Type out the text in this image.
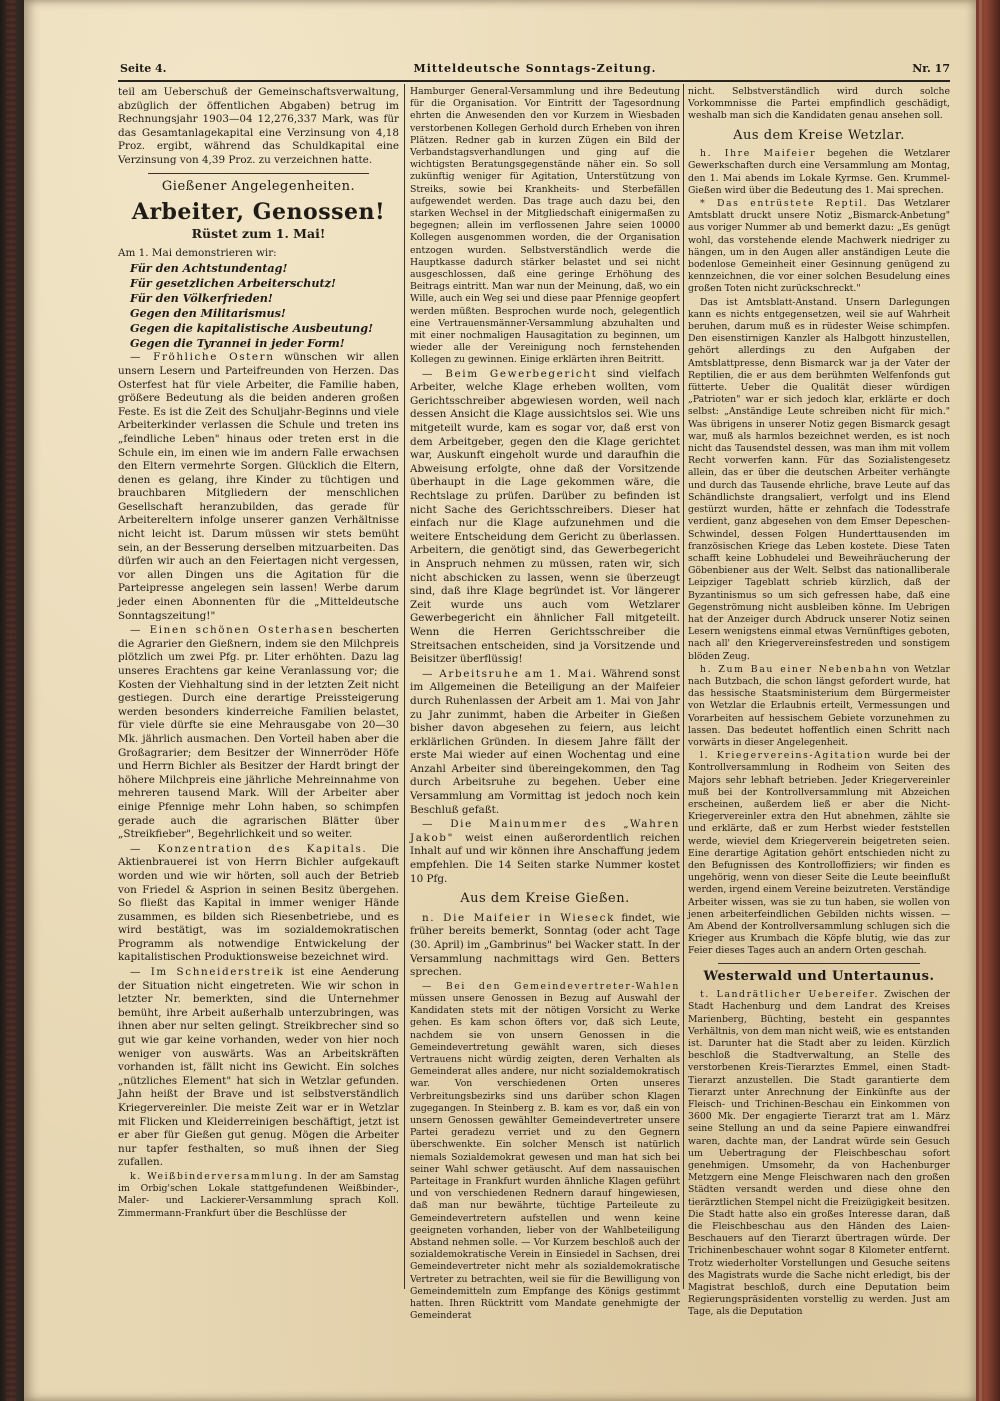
Seite 4.	Mitteldeutsche Sonntags-Zeitung.	Nr. 17

teil am Ueberschuß der Gemeinschaftsverwaltung, abzüglich der öffentlichen Abgaben) betrug im Rechnungsjahr 1903—04 12,276,337 Mark, was für das Gesamtanlagekapital eine Verzinsung von 4,18 Proz. ergibt, während das Schuldkapital eine Verzinsung von 4,39 Proz. zu verzeichnen hatte.

Gießener Angelegenheiten.
Arbeiter, Genossen!
Rüstet zum 1. Mai!

Am 1. Mai demonstrieren wir:

Für den Achtstundentag!

Für gesetzlichen Arbeiterschutz!

Für den Völkerfrieden!

Gegen den Militarismus!

Gegen die kapitalistische Ausbeutung!

Gegen die Tyrannei in jeder Form!

— Fröhliche Ostern wünschen wir allen unsern Lesern und Parteifreunden von Herzen. Das Osterfest hat für viele Arbeiter, die Familie haben, größere Bedeutung als die beiden anderen großen Feste. Es ist die Zeit des Schuljahr-Beginns und viele Arbeiterkinder verlassen die Schule und treten ins „feindliche Leben" hinaus oder treten erst in die Schule ein, im einen wie im andern Falle erwachsen den Eltern vermehrte Sorgen. Glücklich die Eltern, denen es gelang, ihre Kinder zu tüchtigen und brauchbaren Mitgliedern der menschlichen Gesellschaft heranzubilden, das gerade für Arbeitereltern infolge unserer ganzen Verhältnisse nicht leicht ist. Darum müssen wir stets bemüht sein, an der Besserung derselben mitzuarbeiten. Das dürfen wir auch an den Feiertagen nicht vergessen, vor allen Dingen uns die Agitation für die Parteipresse angelegen sein lassen! Werbe darum jeder einen Abonnenten für die „Mitteldeutsche Sonntagszeitung!"

— Einen schönen Osterhasen bescherten die Agrarier den Gießnern, indem sie den Milchpreis plötzlich um zwei Pfg. pr. Liter erhöhten. Dazu lag unseres Erachtens gar keine Veranlassung vor; die Kosten der Viehhaltung sind in der letzten Zeit nicht gestiegen. Durch eine derartige Preissteigerung werden besonders kinderreiche Familien belastet, für viele dürfte sie eine Mehrausgabe von 20—30 Mk. jährlich ausmachen. Den Vorteil haben aber die Großagrarier; dem Besitzer der Winnerröder Höfe und Herrn Bichler als Besitzer der Hardt bringt der höhere Milchpreis eine jährliche Mehreinnahme von mehreren tausend Mark. Will der Arbeiter aber einige Pfennige mehr Lohn haben, so schimpfen gerade auch die agrarischen Blätter über „Streikfieber", Begehrlichkeit und so weiter.

— Konzentration des Kapitals. Die Aktienbrauerei ist von Herrn Bichler aufgekauft worden und wie wir hörten, soll auch der Betrieb von Friedel & Asprion in seinen Besitz übergehen. So fließt das Kapital in immer weniger Hände zusammen, es bilden sich Riesenbetriebe, und es wird bestätigt, was im sozialdemokratischen Programm als notwendige Entwickelung der kapitalistischen Produktionsweise bezeichnet wird.

— Im Schneiderstreik ist eine Aenderung der Situation nicht eingetreten. Wie wir schon in letzter Nr. bemerkten, sind die Unternehmer bemüht, ihre Arbeit außerhalb unterzubringen, was ihnen aber nur selten gelingt. Streikbrecher sind so gut wie gar keine vorhanden, weder von hier noch weniger von auswärts. Was an Arbeitskräften vorhanden ist, fällt nicht ins Gewicht. Ein solches „nützliches Element" hat sich in Wetzlar gefunden. Jahn heißt der Brave und ist selbstverständlich Kriegervereinler. Die meiste Zeit war er in Wetzlar mit Flicken und Kleiderreinigen beschäftigt, jetzt ist er aber für Gießen gut genug. Mögen die Arbeiter nur tapfer festhalten, so muß ihnen der Sieg zufallen.

k. Weißbinderversammlung. In der am Samstag im Orbig'schen Lokale stattgefundenen Weißbinder-, Maler- und Lackierer-Versammlung sprach Koll. Zimmermann-Frankfurt über die Beschlüsse der

Hamburger General-Versammlung und ihre Bedeutung für die Organisation. Vor Eintritt der Tagesordnung ehrten die Anwesenden den vor Kurzem in Wiesbaden verstorbenen Kollegen Gerhold durch Erheben von ihren Plätzen. Redner gab in kurzen Zügen ein Bild der Verbandstagsverhandlungen und ging auf die wichtigsten Beratungsgegenstände näher ein. So soll zukünftig weniger für Agitation, Unterstützung von Streiks, sowie bei Krankheits- und Sterbefällen aufgewendet werden. Das trage auch dazu bei, den starken Wechsel in der Mitgliedschaft einigermaßen zu begegnen; allein im verflossenen Jahre seien 10000 Kollegen ausgenommen worden, die der Organisation entzogen wurden. Selbstverständlich werde die Hauptkasse dadurch stärker belastet und sei nicht ausgeschlossen, daß eine geringe Erhöhung des Beitrags eintritt. Man war nun der Meinung, daß, wo ein Wille, auch ein Weg sei und diese paar Pfennige geopfert werden müßten. Besprochen wurde noch, gelegentlich eine Vertrauensmänner-Versammlung abzuhalten und mit einer nochmaligen Hausagitation zu beginnen, um wieder alle der Vereinigung noch fernstehenden Kollegen zu gewinnen. Einige erklärten ihren Beitritt.

— Beim Gewerbegericht sind vielfach Arbeiter, welche Klage erheben wollten, vom Gerichtsschreiber abgewiesen worden, weil nach dessen Ansicht die Klage aussichtslos sei. Wie uns mitgeteilt wurde, kam es sogar vor, daß erst von dem Arbeitgeber, gegen den die Klage gerichtet war, Auskunft eingeholt wurde und daraufhin die Abweisung erfolgte, ohne daß der Vorsitzende überhaupt in die Lage gekommen wäre, die Rechtslage zu prüfen. Darüber zu befinden ist nicht Sache des Gerichtsschreibers. Dieser hat einfach nur die Klage aufzunehmen und die weitere Entscheidung dem Gericht zu überlassen. Arbeitern, die genötigt sind, das Gewerbegericht in Anspruch nehmen zu müssen, raten wir, sich nicht abschicken zu lassen, wenn sie überzeugt sind, daß ihre Klage begründet ist. Vor längerer Zeit wurde uns auch vom Wetzlarer Gewerbegericht ein ähnlicher Fall mitgeteilt. Wenn die Herren Gerichtsschreiber die Streitsachen entscheiden, sind ja Vorsitzende und Beisitzer überflüssig!

— Arbeitsruhe am 1. Mai. Während sonst im Allgemeinen die Beteiligung an der Maifeier durch Ruhenlassen der Arbeit am 1. Mai von Jahr zu Jahr zunimmt, haben die Arbeiter in Gießen bisher davon abgesehen zu feiern, aus leicht erklärlichen Gründen. In diesem Jahre fällt der erste Mai wieder auf einen Wochentag und eine Anzahl Arbeiter sind übereingekommen, den Tag durch Arbeitsruhe zu begehen. Ueber eine Versammlung am Vormittag ist jedoch noch kein Beschluß gefaßt.

— Die Mainummer des „Wahren Jakob" weist einen außerordentlich reichen Inhalt auf und wir können ihre Anschaffung jedem empfehlen. Die 14 Seiten starke Nummer kostet 10 Pfg.

Aus dem Kreise Gießen.

n. Die Maifeier in Wieseck findet, wie früher bereits bemerkt, Sonntag (oder acht Tage (30. April) im „Gambrinus" bei Wacker statt. In der Versammlung nachmittags wird Gen. Betters sprechen.

— Bei den Gemeindevertreter-Wahlen müssen unsere Genossen in Bezug auf Auswahl der Kandidaten stets mit der nötigen Vorsicht zu Werke gehen. Es kam schon öfters vor, daß sich Leute, nachdem sie von unsern Genossen in die Gemeindevertretung gewählt waren, sich dieses Vertrauens nicht würdig zeigten, deren Verhalten als Gemeinderat alles andere, nur nicht sozialdemokratisch war. Von verschiedenen Orten unseres Verbreitungsbezirks sind uns darüber schon Klagen zugegangen. In Steinberg z. B. kam es vor, daß ein von unsern Genossen gewählter Gemeindevertreter unsere Partei geradezu verriet und zu den Gegnern überschwenkte. Ein solcher Mensch ist natürlich niemals Sozialdemokrat gewesen und man hat sich bei seiner Wahl schwer getäuscht. Auf dem nassauischen Parteitage in Frankfurt wurden ähnliche Klagen geführt und von verschiedenen Rednern darauf hingewiesen, daß man nur bewährte, tüchtige Parteileute zu Gemeindevertretern aufstellen und wenn keine geeigneten vorhanden, lieber von der Wahlbeteiligung Abstand nehmen solle. — Vor Kurzem beschloß auch der sozialdemokratische Verein in Einsiedel in Sachsen, drei Gemeindevertreter nicht mehr als sozialdemokratische Vertreter zu betrachten, weil sie für die Bewilligung von Gemeindemitteln zum Empfange des Königs gestimmt hatten. Ihren Rücktritt vom Mandate genehmigte der Gemeinderat

nicht. Selbstverständlich wird durch solche Vorkommnisse die Partei empfindlich geschädigt, weshalb man sich die Kandidaten genau ansehen soll.

Aus dem Kreise Wetzlar.

h. Ihre Maifeier begehen die Wetzlarer Gewerkschaften durch eine Versammlung am Montag, den 1. Mai abends im Lokale Kyrmse. Gen. Krummel-Gießen wird über die Bedeutung des 1. Mai sprechen.

* Das entrüstete Reptil. Das Wetzlarer Amtsblatt druckt unsere Notiz „Bismarck-Anbetung" aus voriger Nummer ab und bemerkt dazu: „Es genügt wohl, das vorstehende elende Machwerk niedriger zu hängen, um in den Augen aller anständigen Leute die bodenlose Gemeinheit einer Gesinnung genügend zu kennzeichnen, die vor einer solchen Besudelung eines großen Toten nicht zurückschreckt."

Das ist Amtsblatt-Anstand. Unsern Darlegungen kann es nichts entgegensetzen, weil sie auf Wahrheit beruhen, darum muß es in rüdester Weise schimpfen. Den eisenstirnigen Kanzler als Halbgott hinzustellen, gehört allerdings zu den Aufgaben der Amtsblattpresse, denn Bismarck war ja der Vater der Reptilien, die er aus dem berühmten Welfenfonds gut fütterte. Ueber die Qualität dieser würdigen „Patrioten" war er sich jedoch klar, erklärte er doch selbst: „Anständige Leute schreiben nicht für mich." Was übrigens in unserer Notiz gegen Bismarck gesagt war, muß als harmlos bezeichnet werden, es ist noch nicht das Tausendstel dessen, was man ihm mit vollem Recht vorwerfen kann. Für das Sozialistengesetz allein, das er über die deutschen Arbeiter verhängte und durch das Tausende ehrliche, brave Leute auf das Schändlichste drangsaliert, verfolgt und ins Elend gestürzt wurden, hätte er zehnfach die Todesstrafe verdient, ganz abgesehen von dem Emser Depeschen-Schwindel, dessen Folgen Hunderttausenden im französischen Kriege das Leben kostete. Diese Taten schafft keine Lobhudelei und Beweihräucherung der Göbenbiener aus der Welt. Selbst das nationalliberale Leipziger Tageblatt schrieb kürzlich, daß der Byzantinismus so um sich gefressen habe, daß eine Gegenströmung nicht ausbleiben könne. Im Uebrigen hat der Anzeiger durch Abdruck unserer Notiz seinen Lesern wenigstens einmal etwas Vernünftiges geboten, nach all' den Kriegervereinsfestreden und sonstigem blöden Zeug.

h. Zum Bau einer Nebenbahn von Wetzlar nach Butzbach, die schon längst gefordert wurde, hat das hessische Staatsministerium dem Bürgermeister von Wetzlar die Erlaubnis erteilt, Vermessungen und Vorarbeiten auf hessischem Gebiete vorzunehmen zu lassen. Das bedeutet hoffentlich einen Schritt nach vorwärts in dieser Angelegenheit.

l. Kriegervereins-Agitation wurde bei der Kontrollversammlung in Rodheim von Seiten des Majors sehr lebhaft betrieben. Jeder Kriegervereinler muß bei der Kontrollversammlung mit Abzeichen erscheinen, außerdem ließ er aber die Nicht-Kriegervereinler extra den Hut abnehmen, zählte sie und erklärte, daß er zum Herbst wieder feststellen werde, wieviel dem Kriegerverein beigetreten seien. Eine derartige Agitation gehört entschieden nicht zu den Befugnissen des Kontrolloffiziers; wir finden es ungehörig, wenn von dieser Seite die Leute beeinflußt werden, irgend einem Vereine beizutreten. Verständige Arbeiter wissen, was sie zu tun haben, sie wollen von jenen arbeiterfeindlichen Gebilden nichts wissen. — Am Abend der Kontrollversammlung schlugen sich die Krieger aus Krumbach die Köpfe blutig, wie das zur Feier dieses Tages auch an andern Orten geschah.

Westerwald und Untertaunus.

t. Landrätlicher Uebereifer. Zwischen der Stadt Hachenburg und dem Landrat des Kreises Marienberg, Büchting, besteht ein gespanntes Verhältnis, von dem man nicht weiß, wie es entstanden ist. Darunter hat die Stadt aber zu leiden. Kürzlich beschloß die Stadtverwaltung, an Stelle des verstorbenen Kreis-Tierarztes Emmel, einen Stadt-Tierarzt anzustellen. Die Stadt garantierte dem Tierarzt unter Anrechnung der Einkünfte aus der Fleisch- und Trichinen-Beschau ein Einkommen von 3600 Mk. Der engagierte Tierarzt trat am 1. März seine Stellung an und da seine Papiere einwandfrei waren, dachte man, der Landrat würde sein Gesuch um Uebertragung der Fleischbeschau sofort genehmigen. Umsomehr, da von Hachenburger Metzgern eine Menge Fleischwaren nach den großen Städten versandt werden und diese ohne den tierärztlichen Stempel nicht die Freizügigkeit besitzen. Die Stadt hatte also ein großes Interesse daran, daß die Fleischbeschau aus den Händen des Laien-Beschauers auf den Tierarzt übertragen würde. Der Trichinenbeschauer wohnt sogar 8 Kilometer entfernt. Trotz wiederholter Vorstellungen und Gesuche seitens des Magistrats wurde die Sache nicht erledigt, bis der Magistrat beschloß, durch eine Deputation beim Regierungspräsidenten vorstellig zu werden. Just am Tage, als die Deputation
